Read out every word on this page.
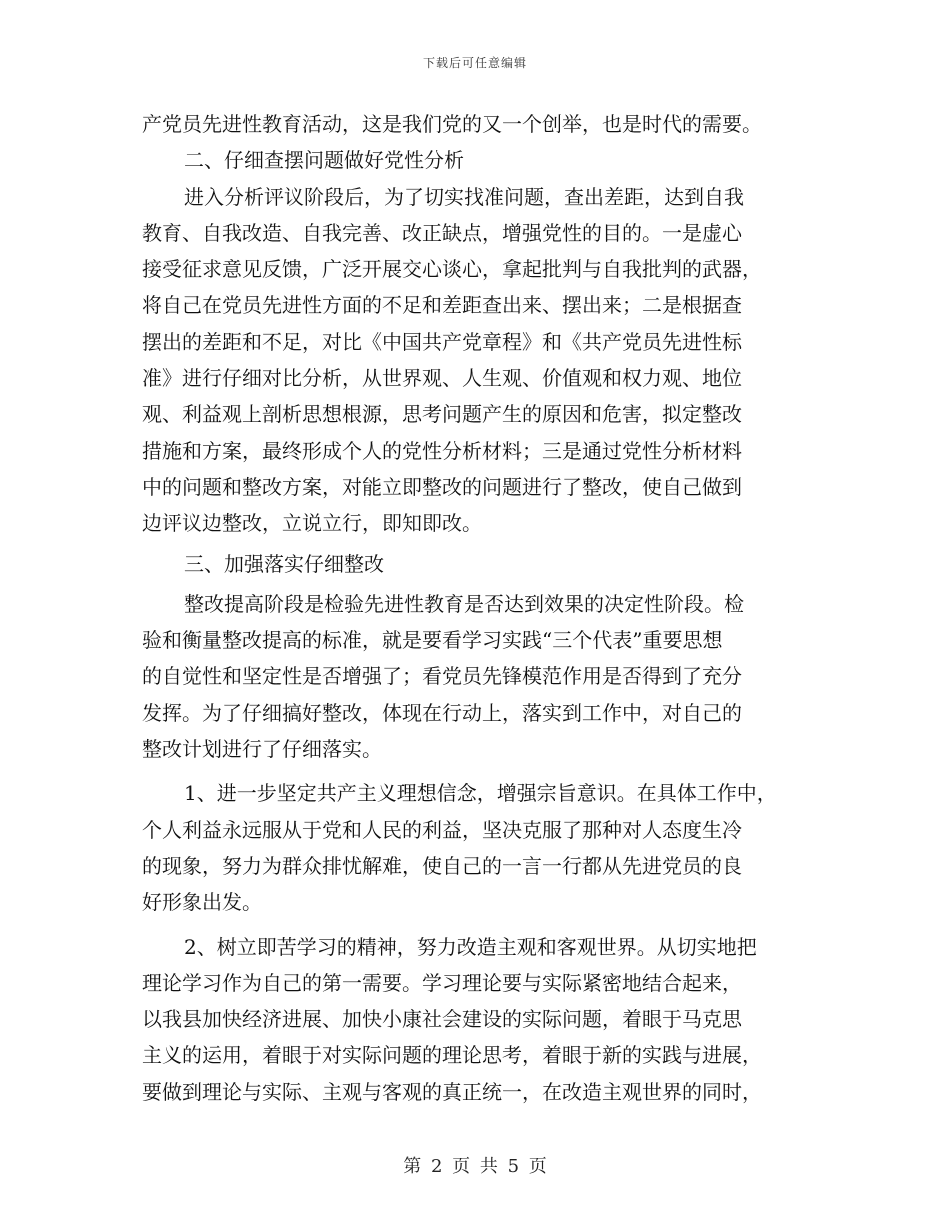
下载后可任意编辑
产党员先进性教育活动，这是我们党的又一个创举，也是时代的需要。
二、仔细查摆问题做好党性分析
进入分析评议阶段后，为了切实找准问题，查出差距，达到自我
教育、自我改造、自我完善、改正缺点，增强党性的目的。一是虚心
接受征求意见反馈，广泛开展交心谈心，拿起批判与自我批判的武器，
将自己在党员先进性方面的不足和差距查出来、摆出来；二是根据查
摆出的差距和不足，对比《中国共产党章程》和《共产党员先进性标
准》进行仔细对比分析，从世界观、人生观、价值观和权力观、地位
观、利益观上剖析思想根源，思考问题产生的原因和危害，拟定整改
措施和方案，最终形成个人的党性分析材料；三是通过党性分析材料
中的问题和整改方案，对能立即整改的问题进行了整改，使自己做到
边评议边整改，立说立行，即知即改。
三、加强落实仔细整改
整改提高阶段是检验先进性教育是否达到效果的决定性阶段。检
验和衡量整改提高的标准，就是要看学习实践“三个代表”重要思想
的自觉性和坚定性是否增强了；看党员先锋模范作用是否得到了充分
发挥。为了仔细搞好整改，体现在行动上，落实到工作中，对自己的
整改计划进行了仔细落实。
1、进一步坚定共产主义理想信念，增强宗旨意识。在具体工作中，
个人利益永远服从于党和人民的利益，坚决克服了那种对人态度生冷
的现象，努力为群众排忧解难，使自己的一言一行都从先进党员的良
好形象出发。
2、树立即苦学习的精神，努力改造主观和客观世界。从切实地把
理论学习作为自己的第一需要。学习理论要与实际紧密地结合起来，
以我县加快经济进展、加快小康社会建设的实际问题，着眼于马克思
主义的运用，着眼于对实际问题的理论思考，着眼于新的实践与进展，
要做到理论与实际、主观与客观的真正统一，在改造主观世界的同时，
第 2 页 共 5 页
